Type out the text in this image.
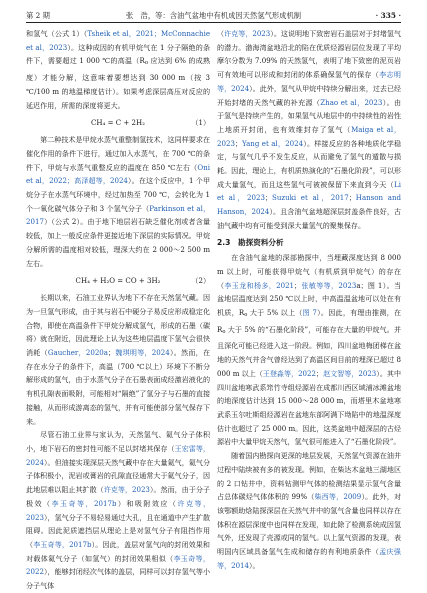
第 2 期	张　浩，等：含油气盆地中有机成因天然氢气形成机制	· 335 ·

和氢气（公式 1）（Tsheik et al，2021；McConnachie et al，2023）。这种成因的有机甲烷气在 1 分子隔绝的条件下，需要超过 1 000 ℃的高温（Ro 应达到 6% 的成熟度）才能分解，这意味着要想达到 30 000 m（按 3 ℃/100 m 的地温梯度估计）。如果考虑深层高压对反应的延迟作用，所需的深度将更大。

CH₄ = C + 2H₂	（1）

第二种技术是甲烷水蒸气重整制氢技术，这同样要求在催化作用的条件下进行，通过加入水蒸气，在 700 ℃的条件下，甲烷与水蒸气重整反应的温度在 850 ℃左右（Oni et al，2022；高泽超等，2024）。在这个反应中，1 个甲烷分子在水蒸气环境中，经过加热至 700 ℃，会转化为 1 个一氧化碳气体分子和 3 个氢气分子（Parkinson et al，2017）（公式 2）。由于地下地层岩石缺乏催化剂或者含量较低，加上一般反应条件更接近地下深层的实际情况。甲烷分解所需的温度相对较低，理深大约在 2 000～2 500 m 左右。

CH₄ + H₂O = CO + 3H₂	（2）

长期以来，石油工业界认为地下不存在天然氢气藏。因为一旦氢气形成，由于其与岩石中硬分子易反应形成稳定化合物，即使在高温条件下甲烷分解成氢气，形成的石墨（碳将）就在附近，因此理论上认为这些地层温度下氢气会很快消耗（Gaucher，2020a；魏琪明等，2024）。然而，在存在水分子的条件下，高温（700 ℃以上）环境下不断分解形成的氢气，由于水蒸气分子在石墨表面成经激岩液化的有机孔隙表面吸附，可能相对“隔绝”了氢分子与石墨的直接接触，从而形成游离态的氢气，并有可能使部分氢气保存下来。

尽管石油工业界与家认为，天然氢气、氦气分子体积小，地下岩石的密封性可能不足以封堵其保存（王宏雷等，2024）。但油接实现深层天然气藏中存在大量氦气，氦气分子体积极小，泥岩或膏岩的孔隙直径通常大于氦气分子，因此地层难以阻止其扩散（许克等，2023）。然而，由于分子极效（李玉奇等，2017b）和吸附效应（许克等，2023），氢气分子不易轻易通过大孔，且在通道中产生扩散阻碍。因此泥质遮挡层从理论上是对氢气分子有阻挡作用（李玉奇等，2017b）。因此，盖层对氢气向的封闭效果和对载体氦气分子（如氢气）的封闭效果相似（李玉奇等，2022），能够封闭经次气体的盖层，同样可以封存氢气等小分子气体

（许克等，2023）。这说明地下致密岩石盖层对于封堵氢气的潜力。渤海湾盆地沿北的陷在优质烃源岩层位发现了平均摩尔分数为 7.09% 的天然氢气，表明了地下致密的泥页岩可有效地可以形成和封闭的体系确保氢气的保存（李志明等，2024）。此外，氢气从甲烷中持续分解出来，过去已经开始封堵的天然气藏的补充源（Zhao et al，2023）。由于氢气是持续产生的，如果氢气从地层中的中持续性的岩性上地质开封闭，也有效维封存了氢气（Maiga et al，2023；Yang et al，2024）。样接反应的各种地质化学稳定，与氢气几乎不发生反应，从而避免了氢气的遁散与损耗。因此，理论上，有机质热演化的“石墨化阶段”，可以形成大量氢气，而且这些氢气可被被保留下来直到今天（Li et al，2023；Suzuki et al，2017；Hanson and Hanson，2024）。且含油气盆地超深层封盖条件良好，古油气藏中均有可能受到深大量氢气的聚集保存。

2.3　勘探资料分析

在含油气盆地的深部勘探中，当埋藏深度达到 8 000 m 以上时，可能获得甲烷气（有机质到甲烷气）的存在（李玉龙和杨多，2021；张敏等等，2023a；图 1）。当盆地层温度达到 250 ℃以上时，中高温温盆地可以处在有机质，Ro 大于 5% 以上（图 7）。因此，有理由推测，在 Ro 大于 5% 的“石墨化阶段”，可能存在大量的甲烷气。并且深化可能已经进入这一阶段。例如，四川盆地梅团梯在盆地的天然气井含气曾经达到了高温区间目前的埋深已超过 8 000 m 以上（王登淼等，2022；赵文智等，2023）。其中四川盆地寒武系筇竹寺组烃源岩在成都川西区域浦冰滩盆地的地深度估计达到 15 000～28 000 m，而塔里木盆地寒武系玉尔吐斯组烃源岩在盆地东部阿满下坳陷中的地温深度估计也超过了 25 000 m。因此，这类盆地中超深层的古烃源岩中大量甲烷天然气，氢气很可能进入了“石墨化阶段”。

随着国内勘探向更深的地层发展，天然氢气资源在油井过程中陆续被有多的被发现。例如，在柴达木盆地三湖地区的 2 口钻井中，资料钻测甲气体的检测结果显示氢气含量占总体碳烃气体体积的 99%（柴西等，2009）。此外，对该鄂额助焓陆探深层在天然气井中的氢气含量也同样以存在体积在源层深度中也同样在发现，如此除了检测系统成因氢气外，还发现了壳源或同的氢气。以上氢气资源的发现，表明国内区域具备氢气生成和储存的有利地质条件（孟庆强等，2014）。
